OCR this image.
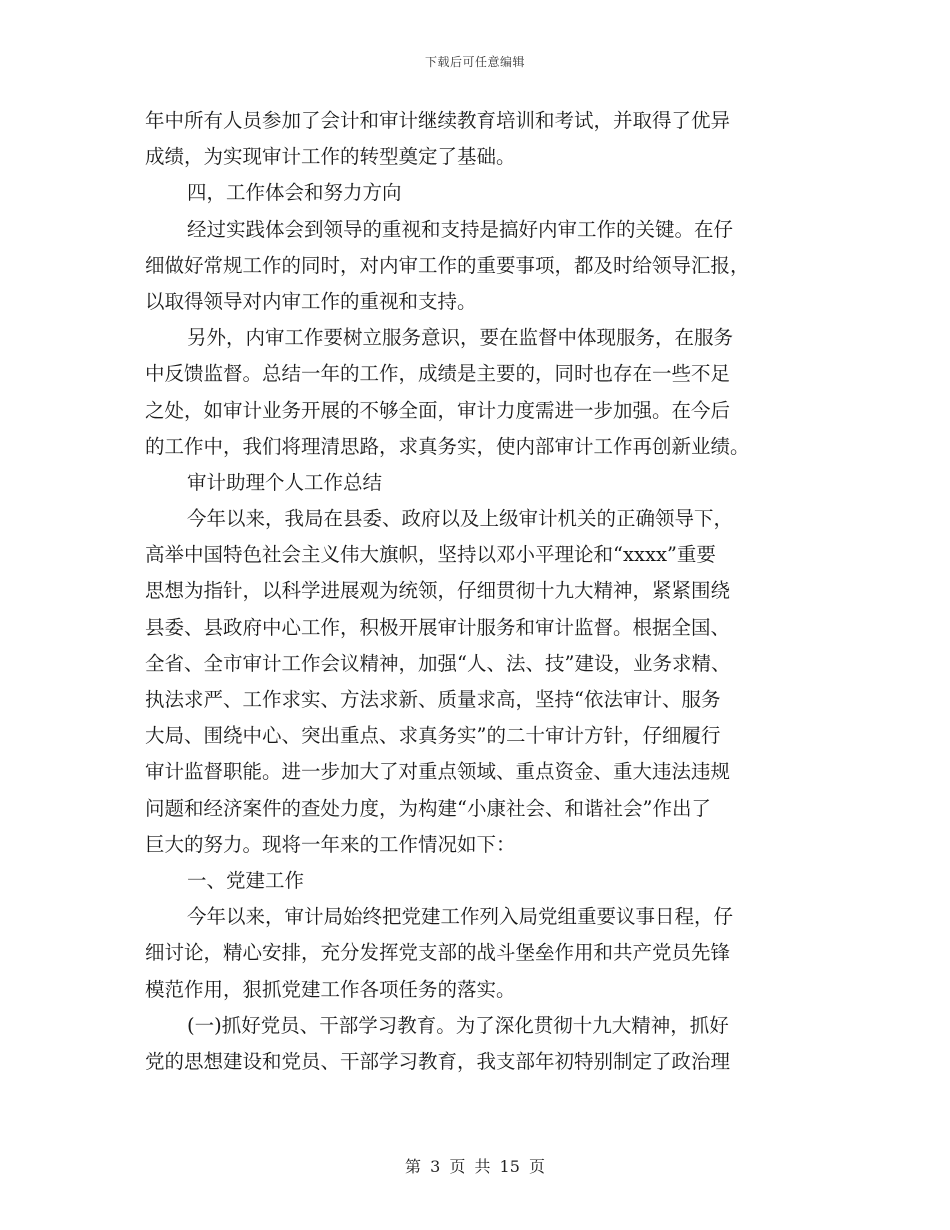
下载后可任意编辑
年中所有人员参加了会计和审计继续教育培训和考试，并取得了优异
成绩，为实现审计工作的转型奠定了基础。
四，工作体会和努力方向
经过实践体会到领导的重视和支持是搞好内审工作的关键。在仔
细做好常规工作的同时，对内审工作的重要事项，都及时给领导汇报，
以取得领导对内审工作的重视和支持。
另外，内审工作要树立服务意识，要在监督中体现服务，在服务
中反馈监督。总结一年的工作，成绩是主要的，同时也存在一些不足
之处，如审计业务开展的不够全面，审计力度需进一步加强。在今后
的工作中，我们将理清思路，求真务实，使内部审计工作再创新业绩。
审计助理个人工作总结
今年以来，我局在县委、政府以及上级审计机关的正确领导下，
高举中国特色社会主义伟大旗帜，坚持以邓小平理论和“xxxx”重要
思想为指针，以科学进展观为统领，仔细贯彻十九大精神，紧紧围绕
县委、县政府中心工作，积极开展审计服务和审计监督。根据全国、
全省、全市审计工作会议精神，加强“人、法、技”建设，业务求精、
执法求严、工作求实、方法求新、质量求高，坚持“依法审计、服务
大局、围绕中心、突出重点、求真务实”的二十审计方针，仔细履行
审计监督职能。进一步加大了对重点领域、重点资金、重大违法违规
问题和经济案件的查处力度，为构建“小康社会、和谐社会”作出了
巨大的努力。现将一年来的工作情况如下：
一、党建工作
今年以来，审计局始终把党建工作列入局党组重要议事日程，仔
细讨论，精心安排，充分发挥党支部的战斗堡垒作用和共产党员先锋
模范作用，狠抓党建工作各项任务的落实。
(一)抓好党员、干部学习教育。为了深化贯彻十九大精神，抓好
党的思想建设和党员、干部学习教育，我支部年初特别制定了政治理
第 3 页 共 15 页
